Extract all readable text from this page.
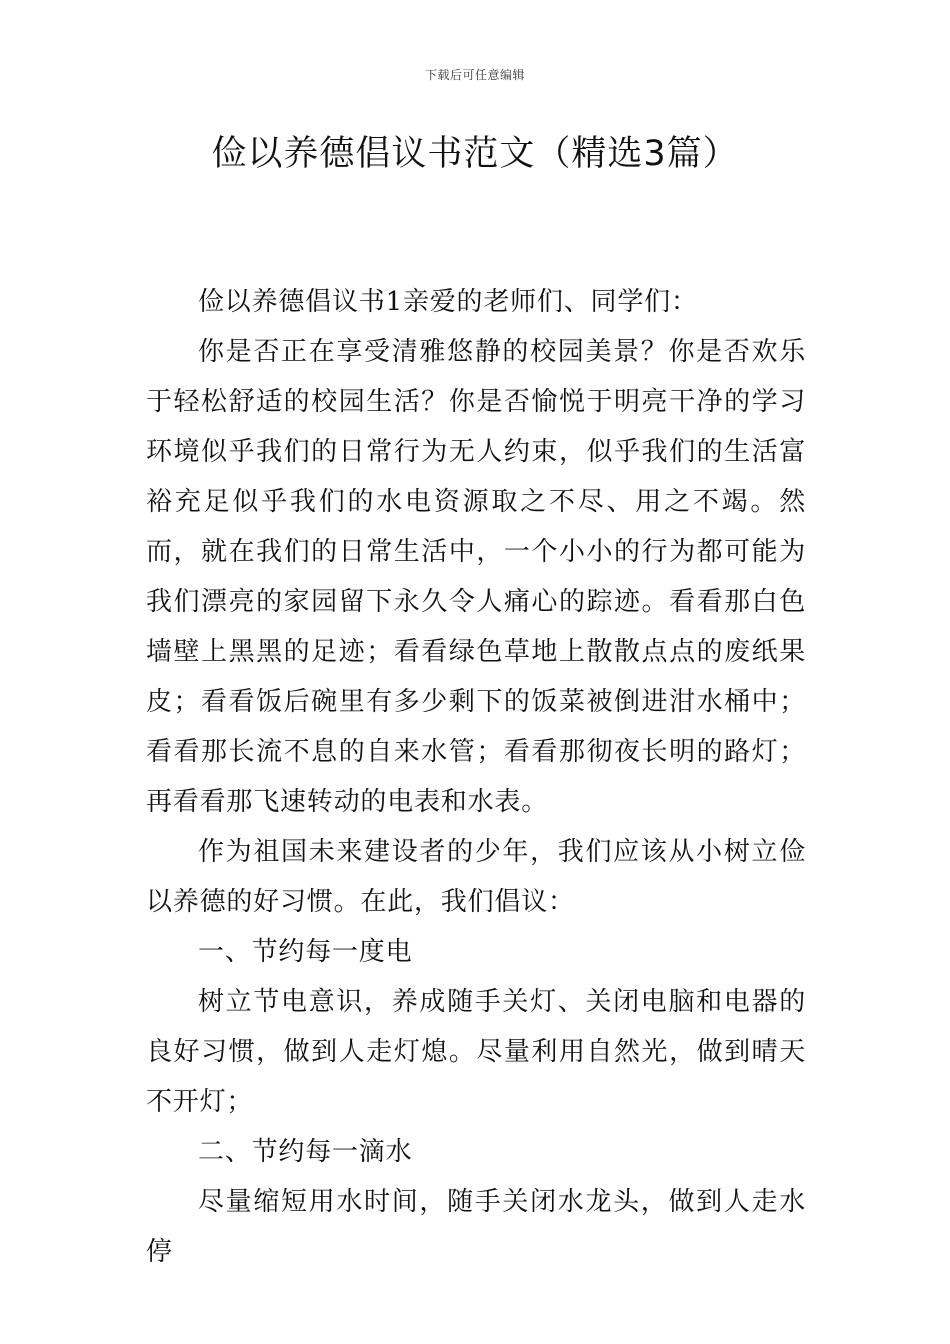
下载后可任意编辑
俭以养德倡议书范文（精选3篇）

俭以养德倡议书1亲爱的老师们、同学们：

你是否正在享受清雅悠静的校园美景？你是否欢乐于轻松舒适的校园生活？你是否愉悦于明亮干净的学习环境似乎我们的日常行为无人约束，似乎我们的生活富裕充足似乎我们的水电资源取之不尽、用之不竭。然而，就在我们的日常生活中，一个小小的行为都可能为我们漂亮的家园留下永久令人痛心的踪迹。看看那白色墙壁上黑黑的足迹；看看绿色草地上散散点点的废纸果皮；看看饭后碗里有多少剩下的饭菜被倒进泔水桶中；看看那长流不息的自来水管；看看那彻夜长明的路灯；再看看那飞速转动的电表和水表。

作为祖国未来建设者的少年，我们应该从小树立俭以养德的好习惯。在此，我们倡议：

一、节约每一度电

树立节电意识，养成随手关灯、关闭电脑和电器的良好习惯，做到人走灯熄。尽量利用自然光，做到晴天不开灯；

二、节约每一滴水

尽量缩短用水时间，随手关闭水龙头，做到人走水停
